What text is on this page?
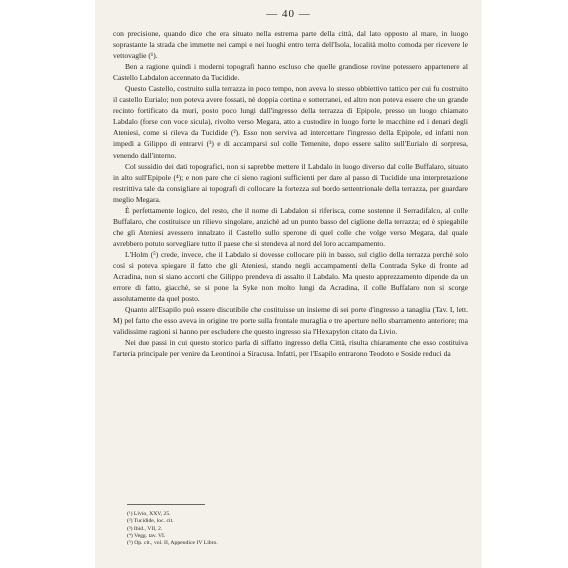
— 40 —

con precisione, quando dice che era situato nella estrema parte della città, dal lato opposto al mare, in luogo soprastante la strada che immette nei campi e nei luoghi entro terra dell'Isola, località molto comoda per ricevere le vettovaglie (¹).

Ben a ragione quindi i moderni topografi hanno escluso che quelle grandiose rovine potessero appartenere al Castello Labdalon accennato da Tucidide.

Questo Castello, costruito sulla terrazza in poco tempo, non aveva lo stesso obbiettivo tattico per cui fu costruito il castello Eurialo; non poteva avere fossati, nè doppia cortina e sotterranei, ed altro non poteva essere che un grande recinto fortificato da muri, posto poco lungi dall'ingresso della terrazza di Epipole, presso un luogo chiamato Labdalo (forse con voce sicula), rivolto verso Megara, atto a custodire in luogo forte le macchine ed i denari degli Ateniesi, come si rileva da Tucidide (²). Esso non serviva ad intercettare l'ingresso della Epipole, ed infatti non impedì a Gilippo di entrarvi (³) e di accamparsi sul colle Temenite, dopo essere salito sull'Eurialo di sorpresa, venendo dall'interno.

Col sussidio dei dati topografici, non si saprebbe mettere il Labdalo in luogo diverso dal colle Buffalaro, situato in alto sull'Epipole (⁴); e non pare che ci sieno ragioni sufficienti per dare al passo di Tucidide una interpretazione restrittiva tale da consigliare ai topografi di collocare la fortezza sul bordo settentrionale della terrazza, per guardare meglio Megara.

È perfettamente logico, del resto, che il nome di Labdalon si riferisca, come sostenne il Serradifalco, al colle Buffalaro, che costituisce un rilievo singolare, anzichè ad un punto basso del ciglione della terrazza; ed è spiegabile che gli Ateniesi avessero innalzato il Castello sullo sperone di quel colle che volge verso Megara, dal quale avrebbero potuto sorvegliare tutto il paese che si stendeva al nord del loro accampamento.

L'Holm (⁵) crede, invece, che il Labdalo si dovesse collocare più in basso, sul ciglio della terrazza perchè solo così si poteva spiegare il fatto che gli Ateniesi, stando negli accampamenti della Contrada Syke di fronte ad Acradina, non si siano accorti che Gilippo prendeva di assalto il Labdalo. Ma questo apprezzamento dipende da un errore di fatto, giacchè, se si pone la Syke non molto lungi da Acradina, il colle Buffalaro non si scorge assolutamente da quel posto.

Quanto all'Esapilo può essere discutibile che costituisse un insieme di sei porte d'ingresso a tanaglia (Tav. I, lett. M) pel fatto che esso aveva in origine tre porte sulla frontale muraglia e tre aperture nello sbarramento anteriore; ma validissime ragioni si hanno per escludere che questo ingresso sia l'Hexapylon citato da Livio.

Nei due passi in cui questo storico parla di siffatto ingresso della Città, risulta chiaramente che esso costituiva l'arteria principale per venire da Leontinoi a Siracusa. Infatti, per l'Esapilo entrarono Teodoto e Soside reduci da

(¹) Livio, XXV, 25.
(²) Tucidide, loc. cit.
(³) Ibid., VII, 2.
(⁴) Vegg. tav. VI.
(⁵) Op. cit., vol. II, Appendice IV Libro.
